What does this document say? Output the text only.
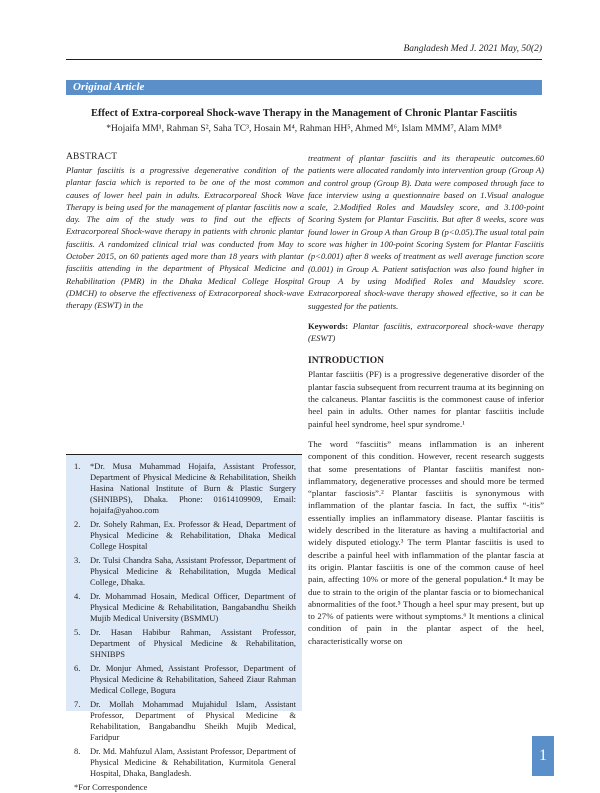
Bangladesh Med J. 2021 May, 50(2)
Original Article
Effect of Extra-corporeal Shock-wave Therapy in the Management of Chronic Plantar Fasciitis
*Hojaifa MM¹, Rahman S², Saha TC³, Hosain M⁴, Rahman HH⁵, Ahmed M⁶, Islam MMM⁷, Alam MM⁸
ABSTRACT

Plantar fasciitis is a progressive degenerative condition of the plantar fascia which is reported to be one of the most common causes of lower heel pain in adults. Extracorporeal Shock Wave Therapy is being used for the management of plantar fasciitis now a day. The aim of the study was to find out the effects of Extracorporeal Shock-wave therapy in patients with chronic plantar fasciitis. A randomized clinical trial was conducted from May to October 2015, on 60 patients aged more than 18 years with plantar fasciitis attending in the department of Physical Medicine and Rehabilitation (PMR) in the Dhaka Medical College Hospital (DMCH) to observe the effectiveness of Extracorporeal shock-wave therapy (ESWT) in the

1. *Dr. Musa Muhammad Hojaifa, Assistant Professor, Department of Physical Medicine & Rehabilitation, Sheikh Hasina National Institute of Burn & Plastic Surgery (SHNIBPS), Dhaka. Phone: 01614109909, Email: hojaifa@yahoo.com
2. Dr. Sohely Rahman, Ex. Professor & Head, Department of Physical Medicine & Rehabilitation, Dhaka Medical College Hospital
3. Dr. Tulsi Chandra Saha, Assistant Professor, Department of Physical Medicine & Rehabilitation, Mugda Medical College, Dhaka.
4. Dr. Mohammad Hosain, Medical Officer, Department of Physical Medicine & Rehabilitation, Bangabandhu Sheikh Mujib Medical University (BSMMU)
5. Dr. Hasan Habibur Rahman, Assistant Professor, Department of Physical Medicine & Rehabilitation, SHNIBPS
6. Dr. Monjur Ahmed, Assistant Professor, Department of Physical Medicine & Rehabilitation, Saheed Ziaur Rahman Medical College, Bogura
7. Dr. Mollah Mohammad Mujahidul Islam, Assistant Professor, Department of Physical Medicine & Rehabilitation, Bangabandhu Sheikh Mujib Medical, Faridpur
8. Dr. Md. Mahfuzul Alam, Assistant Professor, Department of Physical Medicine & Rehabilitation, Kurmitola General Hospital, Dhaka, Bangladesh.
*For Correspondence

treatment of plantar fasciitis and its therapeutic outcomes.60 patients were allocated randomly into intervention group (Group A) and control group (Group B). Data were composed through face to face interview using a questionnaire based on 1.Visual analogue scale, 2.Modified Roles and Maudsley score, and 3.100-point Scoring System for Plantar Fasciitis. But after 8 weeks, score was found lower in Group A than Group B (p<0.05).The usual total pain score was higher in 100-point Scoring System for Plantar Fasciitis (p<0.001) after 8 weeks of treatment as well average function score (0.001) in Group A. Patient satisfaction was also found higher in Group A by using Modified Roles and Maudsley score. Extracorporeal shock-wave therapy showed effective, so it can be suggested for the patients.

Keywords: Plantar fasciitis, extracorporeal shock-wave therapy (ESWT)

INTRODUCTION

Plantar fasciitis (PF) is a progressive degenerative disorder of the plantar fascia subsequent from recurrent trauma at its beginning on the calcaneus. Plantar fasciitis is the commonest cause of inferior heel pain in adults. Other names for plantar fasciitis include painful heel syndrome, heel spur syndrome.¹

The word “fasciitis” means inflammation is an inherent component of this condition. However, recent research suggests that some presentations of Plantar fasciitis manifest non-inflammatory, degenerative processes and should more be termed “plantar fasciosis”.² Plantar fasciitis is synonymous with inflammation of the plantar fascia. In fact, the suffix “-itis” essentially implies an inflammatory disease. Plantar fasciitis is widely described in the literature as having a multifactorial and widely disputed etiology.³ The term Plantar fasciitis is used to describe a painful heel with inflammation of the plantar fascia at its origin. Plantar fasciitis is one of the common cause of heel pain, affecting 10% or more of the general population.⁴ It may be due to strain to the origin of the plantar fascia or to biomechanical abnormalities of the foot.⁵ Though a heel spur may present, but up to 27% of patients were without symptoms.⁶ It mentions a clinical condition of pain in the plantar aspect of the heel, characteristically worse on

1
